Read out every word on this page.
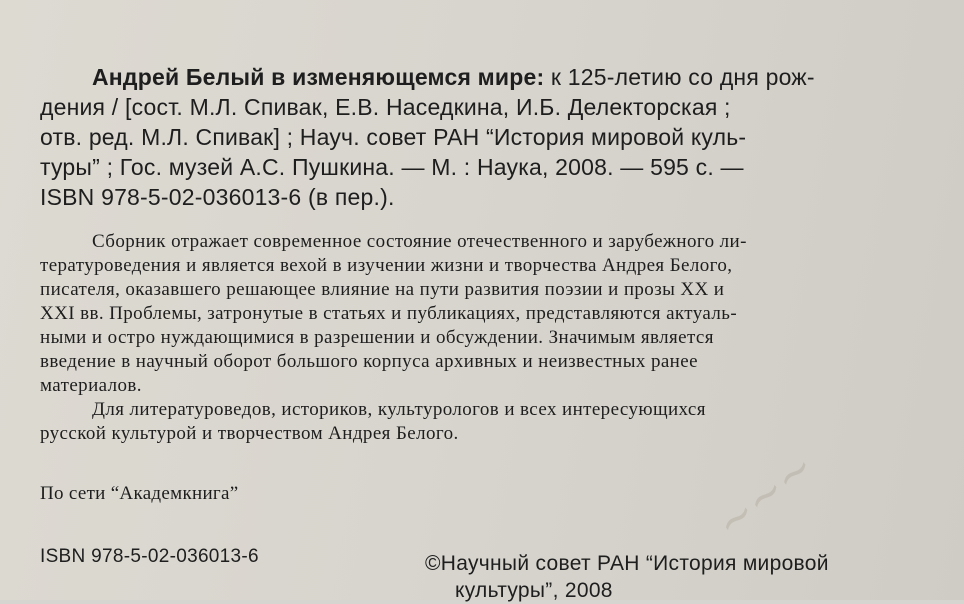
~~~
Андрей Белый в изменяющемся мире: к 125-летию со дня рож-
дения / [сост. М.Л. Спивак, Е.В. Наседкина, И.Б. Делекторская ;
отв. ред. М.Л. Спивак] ; Науч. совет РАН “История мировой куль-
туры” ; Гос. музей А.С. Пушкина. — М. : Наука, 2008. — 595 с. —
ISBN 978-5-02-036013-6 (в пер.).
Сборник отражает современное состояние отечественного и зарубежного ли-
тературоведения и является вехой в изучении жизни и творчества Андрея Белого,
писателя, оказавшего решающее влияние на пути развития поэзии и прозы XX и
XXI вв. Проблемы, затронутые в статьях и публикациях, представляются актуаль-
ными и остро нуждающимися в разрешении и обсуждении. Значимым является
введение в научный оборот большого корпуса архивных и неизвестных ранее
материалов.
Для литературоведов, историков, культурологов и всех интересующихся
русской культурой и творчеством Андрея Белого.
По сети “Академкнига”
ISBN 978-5-02-036013-6	©Научный совет РАН “История мировой
культуры”, 2008
